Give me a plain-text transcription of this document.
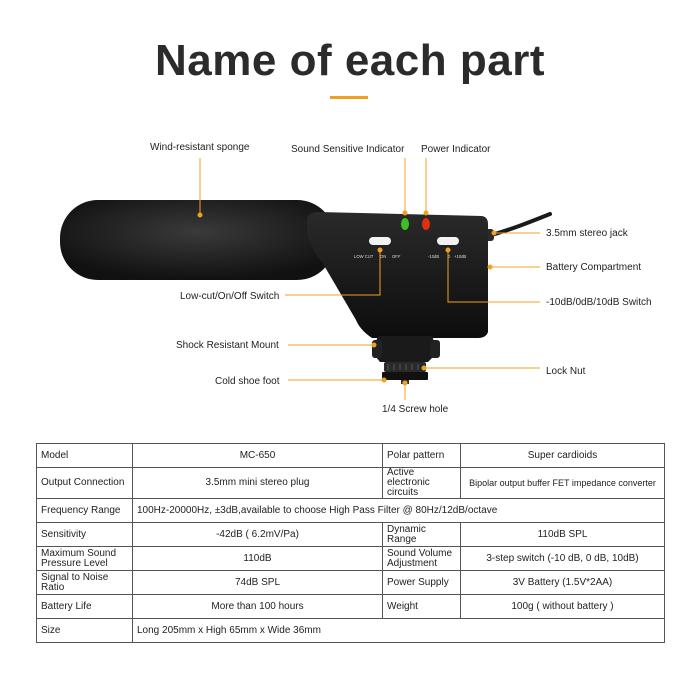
Name of each part
LOW CUT ON OFF	-10dB 0 +10dB
Wind-resistant sponge	Sound Sensitive Indicator Power Indicator
3.5mm stereo jack
Battery Compartment
Low-cut/On/Off Switch
-10dB/0dB/10dB Switch
Shock Resistant Mount
Lock Nut
Cold shoe foot
1/4 Screw hole
Model	MC-650	Polar pattern	Super cardioids
Output Connection	3.5mm mini stereo plug	Active electronic circuits	Bipolar output buffer FET impedance converter
Frequency Range	100Hz-20000Hz, ±3dB,available to choose High Pass Filter @ 80Hz/12dB/octave		
Sensitivity	-42dB ( 6.2mV/Pa)	Dynamic Range	110dB SPL
Maximum Sound Pressure Level	110dB	Sound Volume Adjustment	3-step switch (-10 dB, 0 dB, 10dB)
Signal to Noise Ratio	74dB SPL	Power Supply	3V Battery (1.5V*2AA)
Battery Life	More than 100 hours	Weight	100g ( without battery )
Size	Long 205mm x High 65mm x Wide 36mm		
